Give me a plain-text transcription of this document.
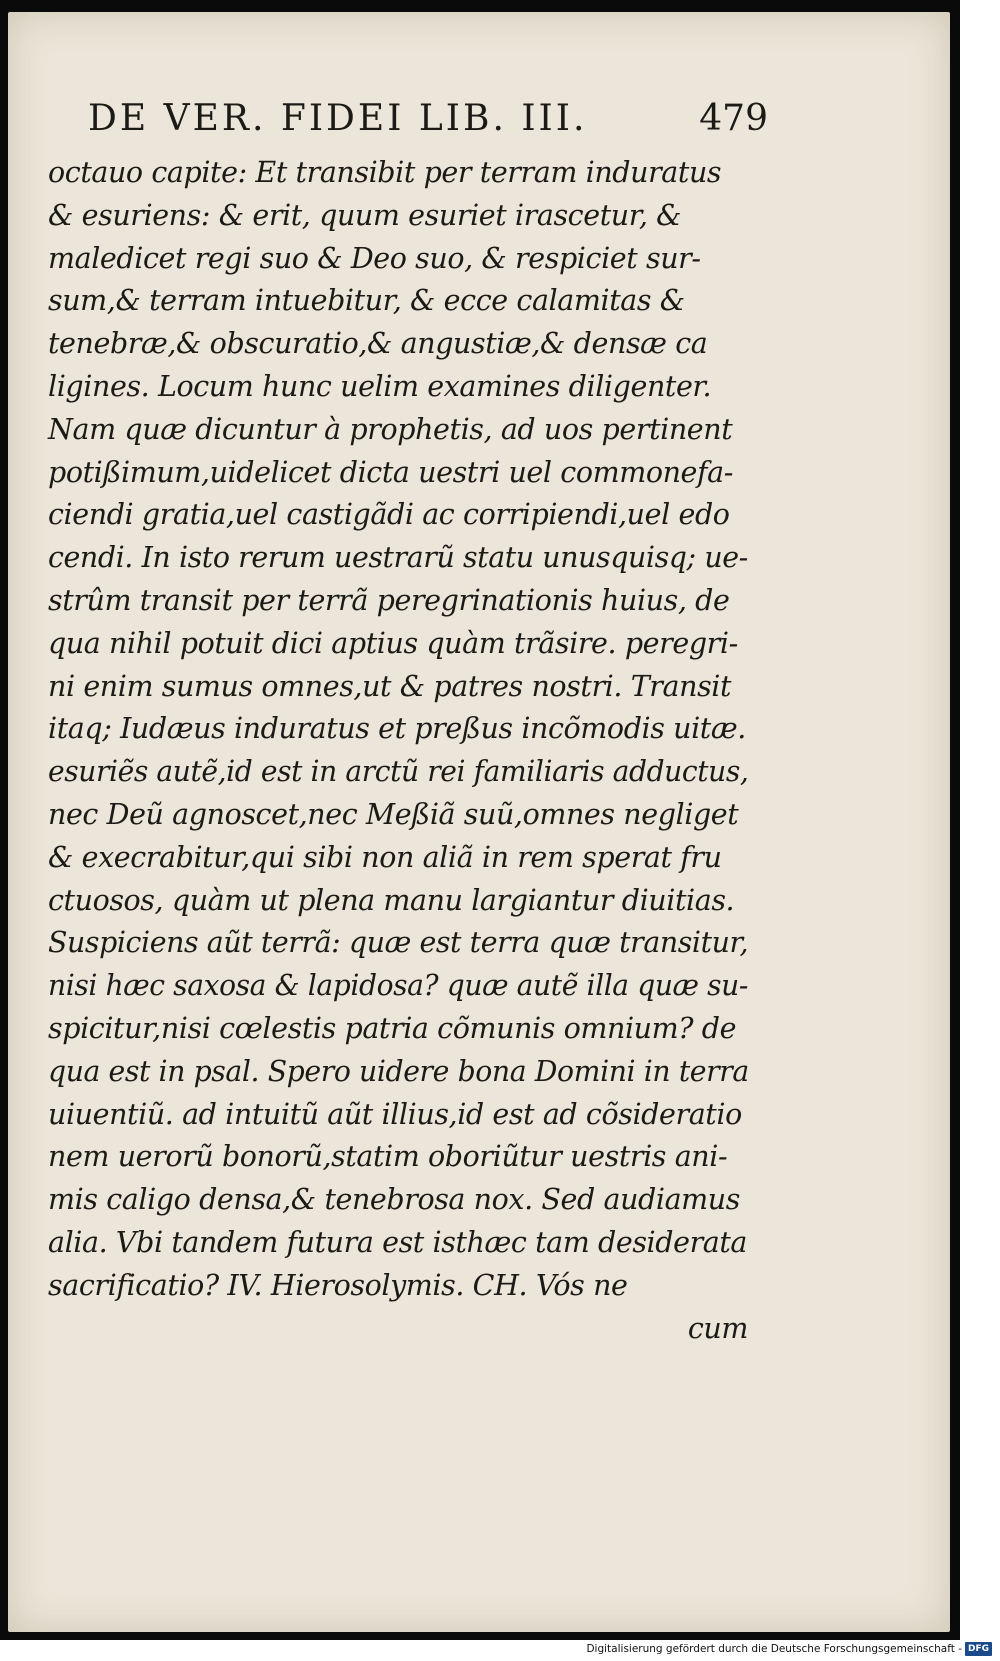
DE VER. FIDEI LIB. III.	479
octauo capite: Et transibit per terram induratus
& esuriens: & erit, quum esuriet irascetur, &
maledicet regi suo & Deo suo, & respiciet sur-
sum,& terram intuebitur, & ecce calamitas &
tenebræ,& obscuratio,& angustiæ,& densæ ca
ligines. Locum hunc uelim examines diligenter.
Nam quæ dicuntur à prophetis, ad uos pertinent
potißimum,uidelicet dicta uestri uel commonefa-
ciendi gratia,uel castigãdi ac corripiendi,uel edo
cendi. In isto rerum uestrarũ statu unusquisq; ue-
strûm transit per terrã peregrinationis huius, de
qua nihil potuit dici aptius quàm trãsire. peregri-
ni enim sumus omnes,ut & patres nostri. Transit
itaq; Iudæus induratus et preßus incõmodis uitæ.
esuriẽs autẽ,id est in arctũ rei familiaris adductus,
nec Deũ agnoscet,nec Meßiã suũ,omnes negliget
& execrabitur,qui sibi non aliã in rem sperat fru
ctuosos, quàm ut plena manu largiantur diuitias.
Suspiciens aũt terrã: quæ est terra quæ transitur,
nisi hæc saxosa & lapidosa? quæ autẽ illa quæ su-
spicitur,nisi cœlestis patria cõmunis omnium? de
qua est in psal. Spero uidere bona Domini in terra
uiuentiũ. ad intuitũ aũt illius,id est ad cõsideratio
nem uerorũ bonorũ,statim oboriũtur uestris ani-
mis caligo densa,& tenebrosa nox. Sed audiamus
alia. Vbi tandem futura est isthæc tam desiderata
sacrificatio? IV. Hierosolymis. CH. Vós ne
cum
Digitalisierung gefördert durch die Deutsche Forschungsgemeinschaft - DFG
